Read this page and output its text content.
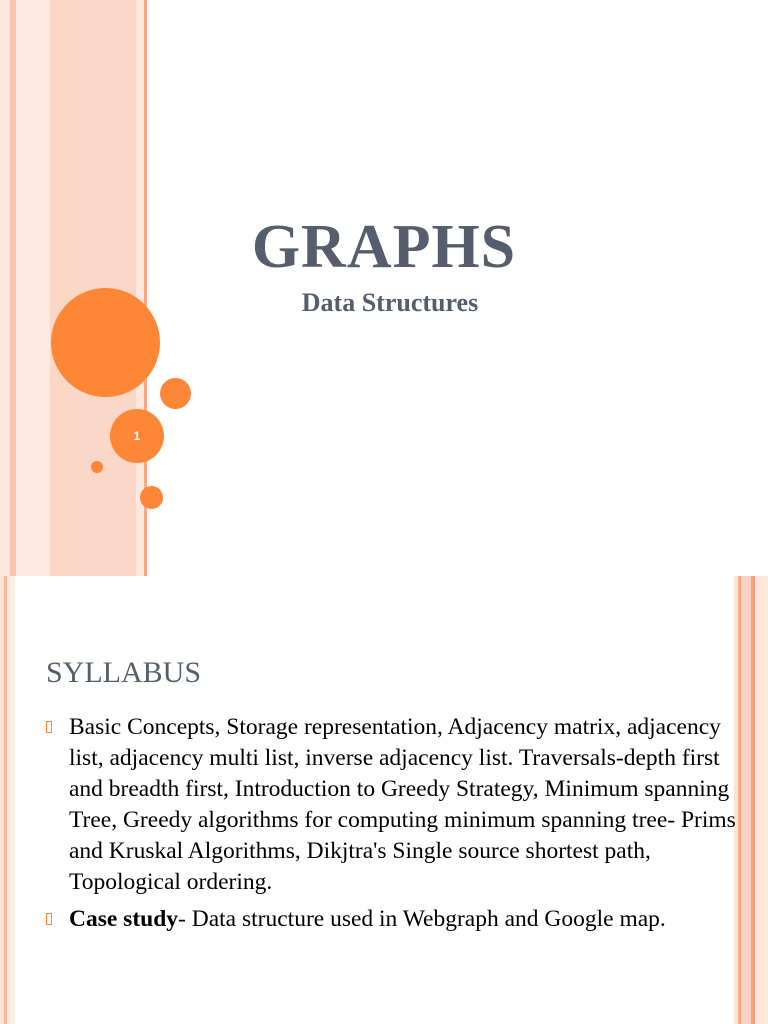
1
GRAPHS
Data Structures
SYLLABUS
Basic Concepts, Storage representation, Adjacency matrix, adjacency list, adjacency multi list, inverse adjacency list. Traversals-depth first and breadth first, Introduction to Greedy Strategy, Minimum spanning Tree, Greedy algorithms for computing minimum spanning tree- Prims and Kruskal Algorithms, Dikjtra's Single source shortest path, Topological ordering.
Case study- Data structure used in Webgraph and Google map.
